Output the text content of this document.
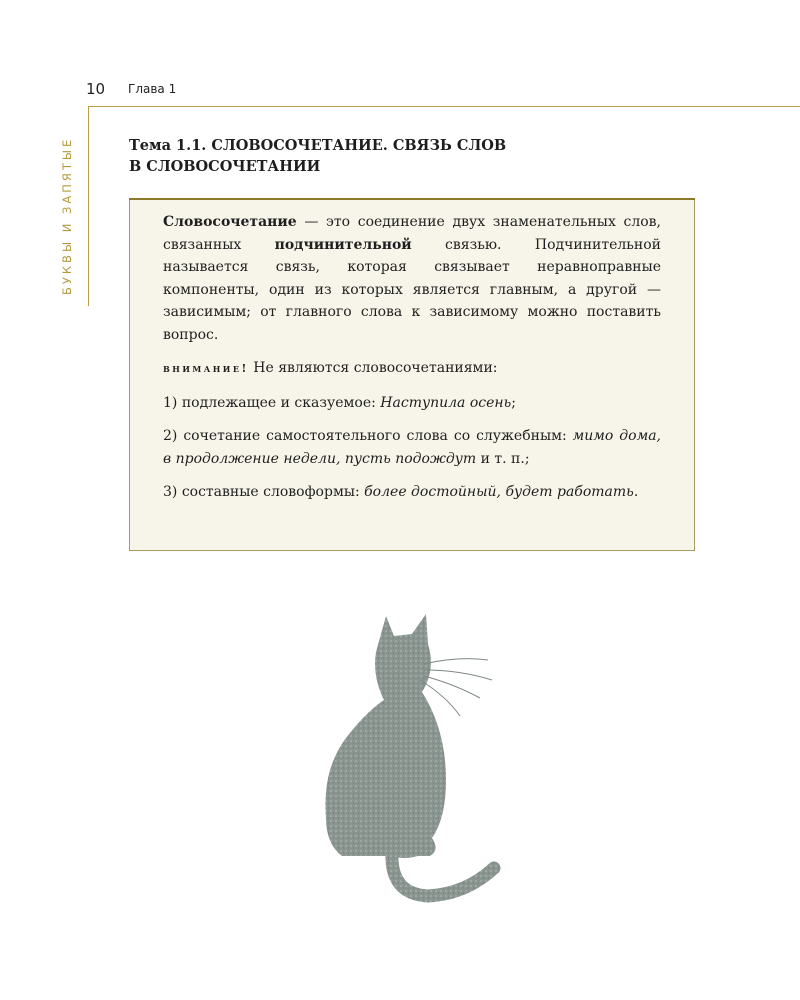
10 Глава 1
БУКВЫ И ЗАПЯТЫЕ	Тема 1.1. СЛОВОСОЧЕТАНИЕ. СВЯЗЬ СЛОВ
В СЛОВОСОЧЕТАНИИ

Словосочетание — это соединение двух знаменательных слов, связанных подчинительной связью. Подчинительной называется связь, которая связывает неравноправные компоненты, один из которых является главным, а другой — зависимым; от главного слова к зависимому можно поставить вопрос.

внимание! Не являются словосочетаниями:

1) подлежащее и сказуемое: Наступила осень;

2) сочетание самостоятельного слова со служебным: мимо дома, в продолжение недели, пусть подождут и т. п.;

3) составные словоформы: более достойный, будет работать.
